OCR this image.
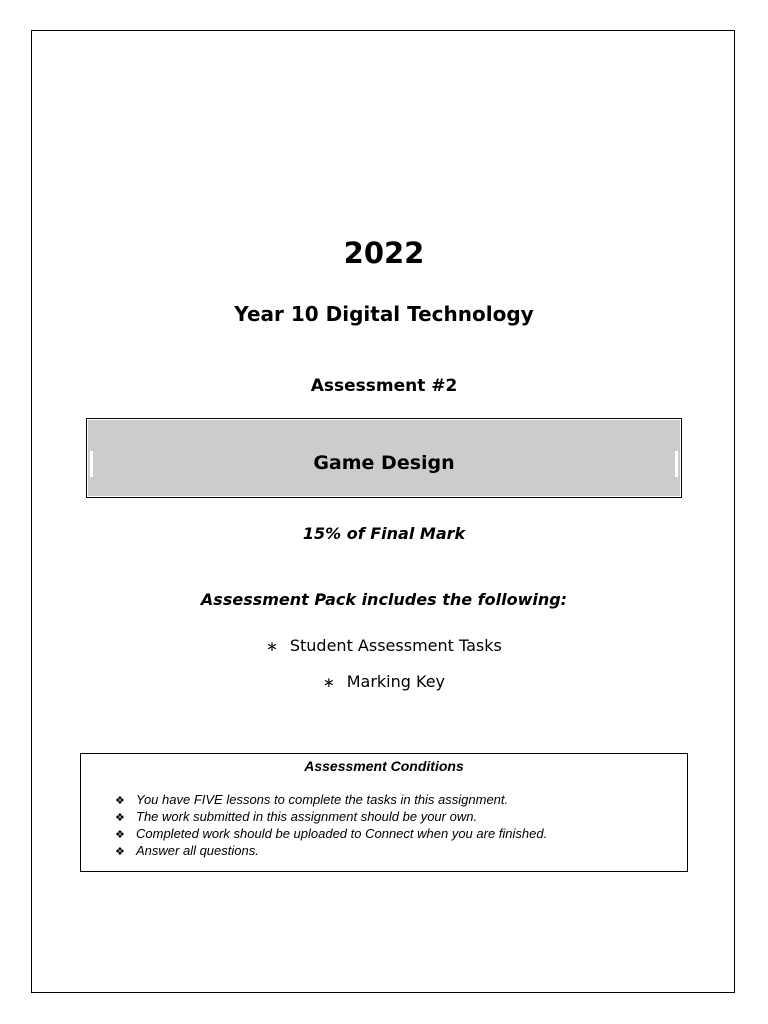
2022
Year 10 Digital Technology
Assessment #2
Game Design
15% of Final Mark
Assessment Pack includes the following:
∗ Student Assessment Tasks
∗ Marking Key
Assessment Conditions
❖ You have FIVE lessons to complete the tasks in this assignment.
❖ The work submitted in this assignment should be your own.
❖ Completed work should be uploaded to Connect when you are finished.
❖ Answer all questions.
